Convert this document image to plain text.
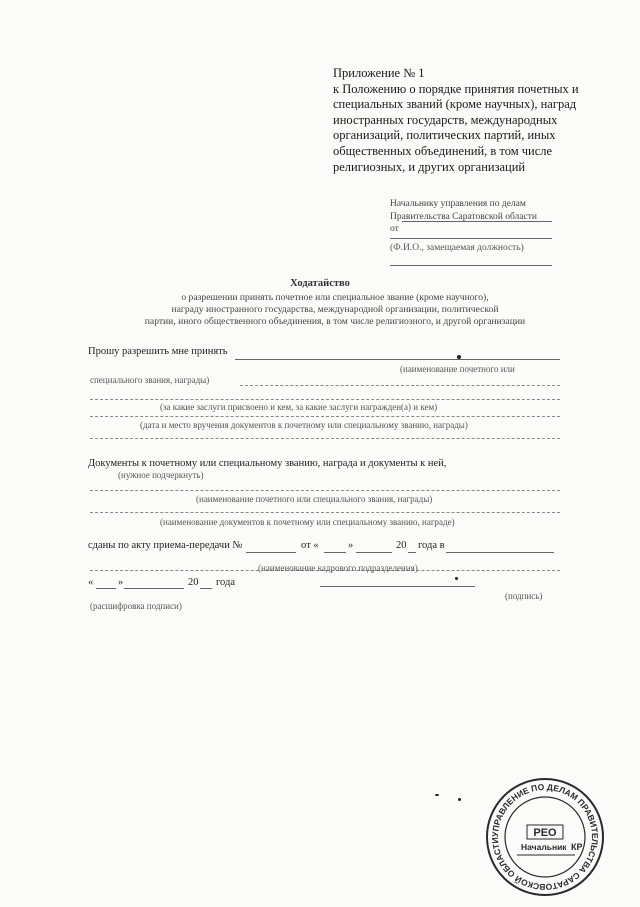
Приложение № 1
к Положению о порядке принятия почетных и
специальных званий (кроме научных), наград
иностранных государств, международных
организаций, политических партий, иных
общественных объединений, в том числе
религиозных, и других организаций
Начальнику управления по делам
Правительства Саратовской области
от
(Ф.И.О., замещаемая должность)
Ходатайство
о разрешении принять почетное или специальное звание (кроме научного),
награду иностранного государства, международной организации, политической
партии, иного общественного объединения, в том числе религиозного, и другой организации
Прошу разрешить мне принять
(наименование почетного или
специального звания, награды)
(за какие заслуги присвоено и кем, за какие заслуги награжден(а) и кем)
(дата и место вручения документов к почетному или специальному званию, награды)
Документы к почетному или специальному званию, награда и документы к ней,
(нужное подчеркнуть)
(наименование почетного или специального звания, награды)
(наименование документов к почетному или специальному званию, награде)
сданы по акту приема-передачи №	от «	»	20 года в
(наименование кадрового подразделения)
« »	20 года
(подпись)
(расшифровка подписи)
УПРАВЛЕНИЕ ПО ДЕЛАМ ПРАВИТЕЛЬСТВА САРАТОВСКОЙ ОБЛАСТИ
РЕО
Начальник КР
